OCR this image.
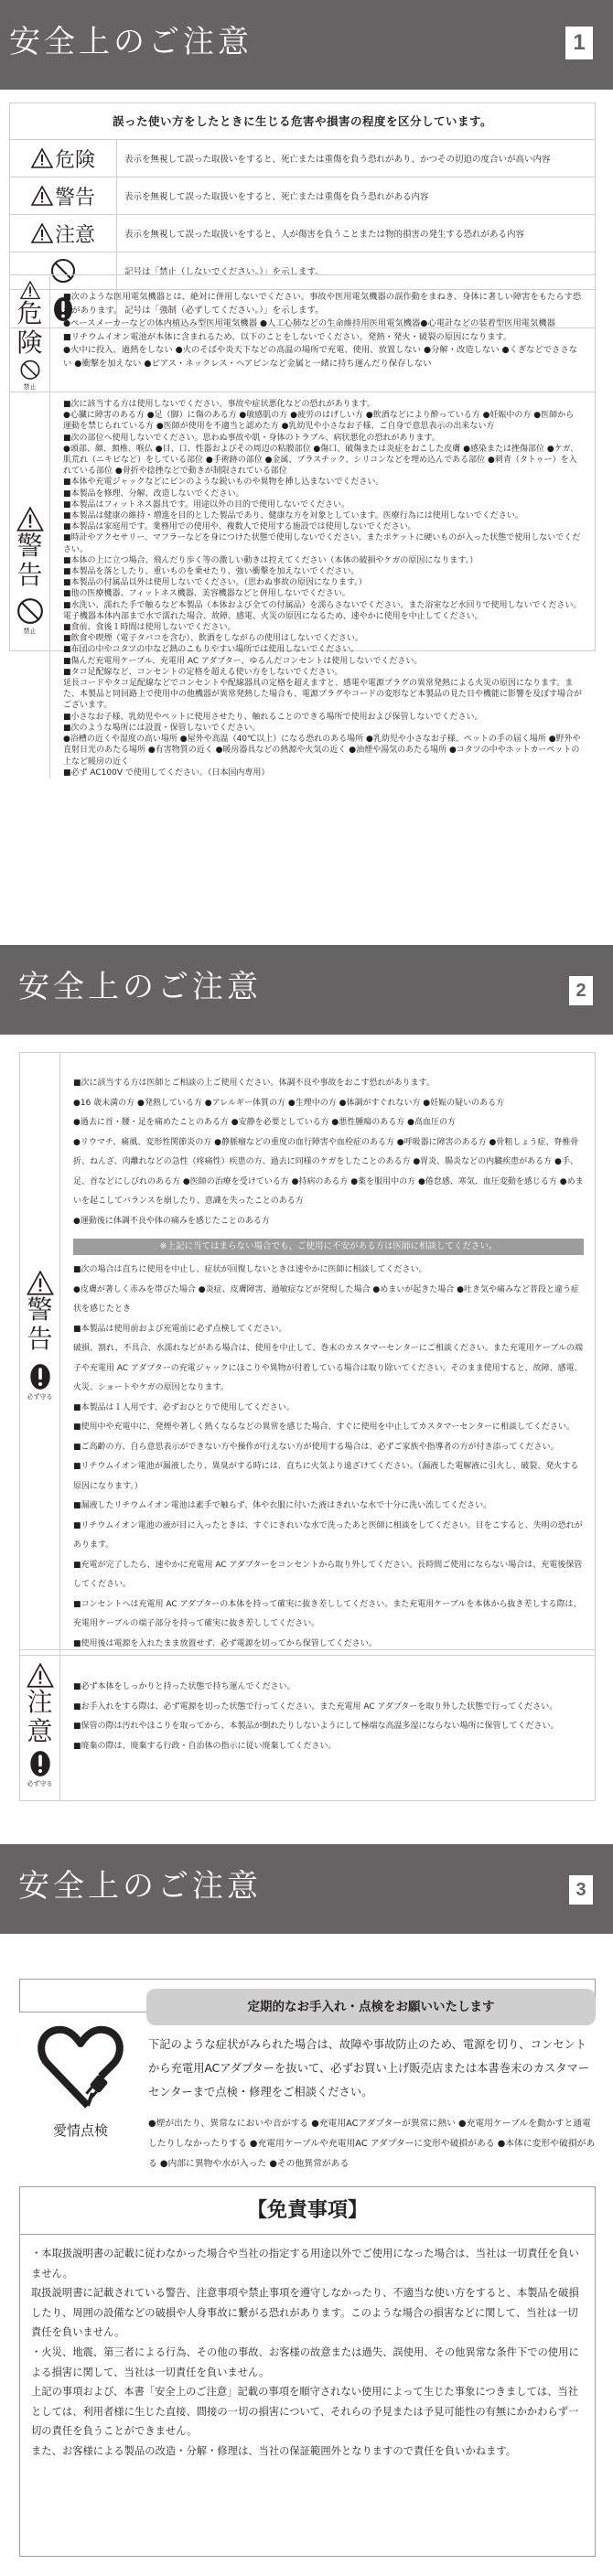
安全上のご注意	1
誤った使い方をしたときに生じる危害や損害の程度を区分しています。
危険	表示を無視して誤った取扱いをすると、死亡または重傷を負う恐れがあり、かつその切迫の度合いが高い内容
警告	表示を無視して誤った取扱いをすると、死亡または重傷を負う恐れがある内容
注意	表示を無視して誤った取扱いをすると、人が傷害を負うことまたは物的損害の発生する恐れがある内容
記号は「禁止（しないでください。）」を示します。
記号は「強制（必ずしてください。）」を示します。
危
険
禁止

■次のような医用電気機器とは、絶対に併用しないでください。事故や医用電気機器の誤作動をまねき、身体に著しい障害をもたらす恐れがあります。

●ペースメーカーなどの体内植込み型医用電気機器 ●人工心肺などの生命維持用医用電気機器●心電計などの装着型医用電気機器

■リチウムイオン電池が本体に含まれるため、以下のことをしないでください。発熱・発火・破裂の原因になります。

●火中に投入、過熱をしない ●火のそばや炎天下などの高温の場所で充電、使用、放置しない ●分解・改造しない ●くぎなどでささない ●衝撃を加えない ●ピアス・ネックレス・ヘアピンなど金属と一緒に持ち運んだり保存しない

警
告
禁止

■次に該当する方は使用しないでください。事故や症状悪化などの恐れがあります。

●心臓に障害のある方 ●足（脚）に傷のある方 ●敏感肌の方 ●疲労のはげしい方 ●飲酒などにより酔っている方 ●妊娠中の方 ●医師から運動を禁じられている方 ●医師が使用を不適当と認めた方 ●乳幼児や小さなお子様、ご自身で意思表示の出来ない方

■次の部位へ使用しないでください。思わぬ事故や肌・身体のトラブル、病状悪化の恐れがあります。

●頭部、顔、頚椎、喉仏 ●目、口、性器およびその周辺の粘膜部位 ●傷口、破傷または炎症をおこした皮膚 ●感染または挫傷部位 ●ケガ、肌荒れ（ニキビなど）をしている部位 ●手術跡の部位 ●金属、プラスチック、シリコンなどを埋め込んである部位 ●刺青（タトゥー）を入れている部位 ●骨折や捻挫などで動きが制限されている部位

■本体や充電ジャックなどにピンのような鋭いものや異物を挿し込まないでください。

■本製品を修理、分解、改造しないでください。

■本製品はフィットネス器具です。用途以外の目的で使用しないでください。

■本製品は健康の維持・増進を目的とした製品であり、健康な方を対象としています。医療行為には使用しないでください。

■本製品は家庭用です。業務用での使用や、複数人で使用する施設では使用しないでください。

■時計やアクセサリー、マフラーなどを身につけた状態で使用しないでください。またポケットに硬いものが入った状態で使用しないでください。

■本体の上に立つ場合、飛んだり歩く等の激しい動きは控えてください（本体の破損やケガの原因になります。）

■本製品を落としたり、重いものを乗せたり、強い衝撃を加えないでください。

■本製品の付属品以外は使用しないでください。（思わぬ事故の原因になります。）

■他の医療機器、フィットネス機器、美容機器などと併用しないでください。

■水洗い、濡れた手で触るなど本製品（本体および全ての付属品）を濡らさないでください。また浴室など水回りで使用しないでください。

電子機器本体内部まで水で濡れた場合、故障、感電、火災の原因になるため、速やかに使用を中止してください。

■食前、食後１時間は使用しないでください。

■飲食や喫煙（電子タバコを含む）、飲酒をしながらの使用はしないでください。

■布団の中やコタツの中など熱のこもりやすい場所では使用しないでください。

■傷んだ充電用ケーブル、充電用 AC アダプター、ゆるんだコンセントは使用しないでください。

■タコ足配線など、コンセントの定格を超える使い方をしないでください。

延長コードやタコ足配線などでコンセントや配線器具の定格を超えますと、感電や電源プラグの異常発熱による火災の原因になります。また、本製品と同回路上で使用中の他機器が異常発熱した場合も、電源プラグやコードの変形など本製品の見た目や機能に影響を及ぼす場合がございます。

■小さなお子様、乳幼児やペットに使用させたり、触れることのできる場所で使用および保管しないでください。

■次のような場所には設置・保管しないでください。

●浴槽の近くや湿度の高い場所 ●屋外や高温（40℃以上）になる恐れのある場所 ●乳幼児や小さなお子様、ペットの手の届く場所 ●野外や直射日光のあたる場所 ●有害物質の近く ●暖房器具などの熱源や火気の近く ●油煙や湯気のあたる場所 ●コタツの中やホットカーペットの上など暖房の近く

■必ず AC100V で使用してください。（日本国内専用）

安全上のご注意	2
警
告
必ず守る

■次に該当する方は医師とご相談の上ご使用ください。体調不良や事故をおこす恐れがあります。

●16 歳未満の方 ●発熱している方 ●アレルギー体質の方 ●生理中の方 ●体調がすぐれない方 ●妊娠の疑いのある方

●過去に首・腰・足を痛めたことのある方 ●安静を必要としている方 ●悪性腫瘍のある方 ●高血圧の方

●リウマチ、痛風、変形性関節炎の方 ●静脈瘤などの重度の血行障害や血栓症のある方 ●呼吸器に障害のある方 ●骨粗しょう症、脊椎骨折、ねんざ、肉離れなどの急性（疼痛性）疾患の方、過去に同様のケガをしたことのある方 ●胃炎、腸炎などの内臓疾患がある方 ●手、足、首などにしびれのある方 ●医師の治療を受けている方 ●持病のある方 ●薬を服用中の方 ●倦怠感、寒気、血圧変動を感じる方 ●めまいを起こしてバランスを崩したり、意識を失ったことのある方

●運動後に体調不良や体の痛みを感じたことのある方

※上記に当てはまらない場合でも、ご使用に不安がある方は医師に相談してください。

■次の場合は直ちに使用を中止し、症状が回復しないときは速やかに医師に相談してください。

●皮膚が著しく赤みを帯びた場合 ●炎症、皮膚障害、過敏症などが発現した場合 ●めまいが起きた場合 ●吐き気や痛みなど普段と違う症状を感じたとき

■本製品は使用前および充電前に必ず点検してください。

破損、割れ、不具合、水濡れなどがある場合は、使用を中止して、巻末のカスタマーセンターにご相談ください。また充電用ケーブルの端子や充電用 AC アダプターの充電ジャックにほこりや異物が付着している場合は取り除いてください。そのまま使用すると、故障、感電、火災、ショートやケガの原因となります。

■本製品は１人用です、必ずおひとりで使用してください。

■使用中や充電中に、発煙や著しく熱くなるなどの異常を感じた場合、すぐに使用を中止してカスタマーセンターに相談してください。

■ご高齢の方、自ら意思表示ができない方や操作が行えない方が使用する場合は、必ずご家族や指導者の方が付き添ってください。

■リチウムイオン電池が漏液したり、異臭がする時には、直ちに火気より遠ざけてください。（漏液した電解液に引火し、破裂、発火する原因になります。）

■漏液したリチウムイオン電池は素手で触らず、体や衣服に付いた液はきれいな水で十分に洗い流してください。

■リチウムイオン電池の液が目に入ったときは、すぐにきれいな水で洗ったあと医師に相談をしてください。目をこすると、失明の恐れがあります。

■充電が完了したら、速やかに充電用 AC アダプターをコンセントから取り外してください。長時間ご使用にならない場合は、充電後保管してください。

■コンセントへは充電用 AC アダプターの本体を持って確実に抜き差ししてください。また充電用ケーブルを本体から抜き差しする際は、充電用ケーブルの端子部分を持って確実に抜き差ししてください。

■使用後は電源を入れたまま放置せず、必ず電源を切ってから保管してください。

注
意
必ず守る

■必ず本体をしっかりと持った状態で持ち運んでください。

■お手入れをする際は、必ず電源を切った状態で行ってください。また充電用 AC アダプターを取り外した状態で行ってください。

■保管の際は汚れやほこりを取ってから、本製品が倒れたりしないようにして極端な高温多湿にならない場所に保管してください。

■廃棄の際は、廃棄する行政・自治体の指示に従い廃棄してください。

安全上のご注意	3
定期的なお手入れ・点検をお願いいたします
愛情点検
下記のような症状がみられた場合は、故障や事故防止のため、電源を切り、コンセントから充電用ACアダプターを抜いて、必ずお買い上げ販売店または本書巻末のカスタマーセンターまで点検・修理をご相談ください。
●煙が出たり、異常なにおいや音がする ●充電用ACアダプターが異常に熱い ●充電用ケーブルを動かすと通電したりしなかったりする ●充電用ケーブルや充電用AC アダプターに変形や破損がある ●本体に変形や破損がある ●内部に異物や水が入った ●その他異常がある
【免責事項】

・本取扱説明書の記載に従わなかった場合や当社の指定する用途以外でご使用になった場合は、当社は一切責任を負いません。

取扱説明書に記載されている警告、注意事項や禁止事項を遵守しなかったり、不適当な使い方をすると、本製品を破損したり、周囲の設備などの破損や人身事故に繋がる恐れがあります。このような場合の損害などに関して、当社は一切責任を負いません。

・火災、地震、第三者による行為、その他の事故、お客様の故意または過失、誤使用、その他異常な条件下での使用による損害に関して、当社は一切責任を負いません。

上記の事項および、本書「安全上のご注意」記載の事項を順守されない使用によって生じた事象につきましては、当社としては、利用者様に生じた直接、間接の一切の損害について、それらの予見または予見可能性の有無にかかわらず一切の責任を負うことができません。

また、お客様による製品の改造・分解・修理は、当社の保証範囲外となりますので責任を負いかねます。
